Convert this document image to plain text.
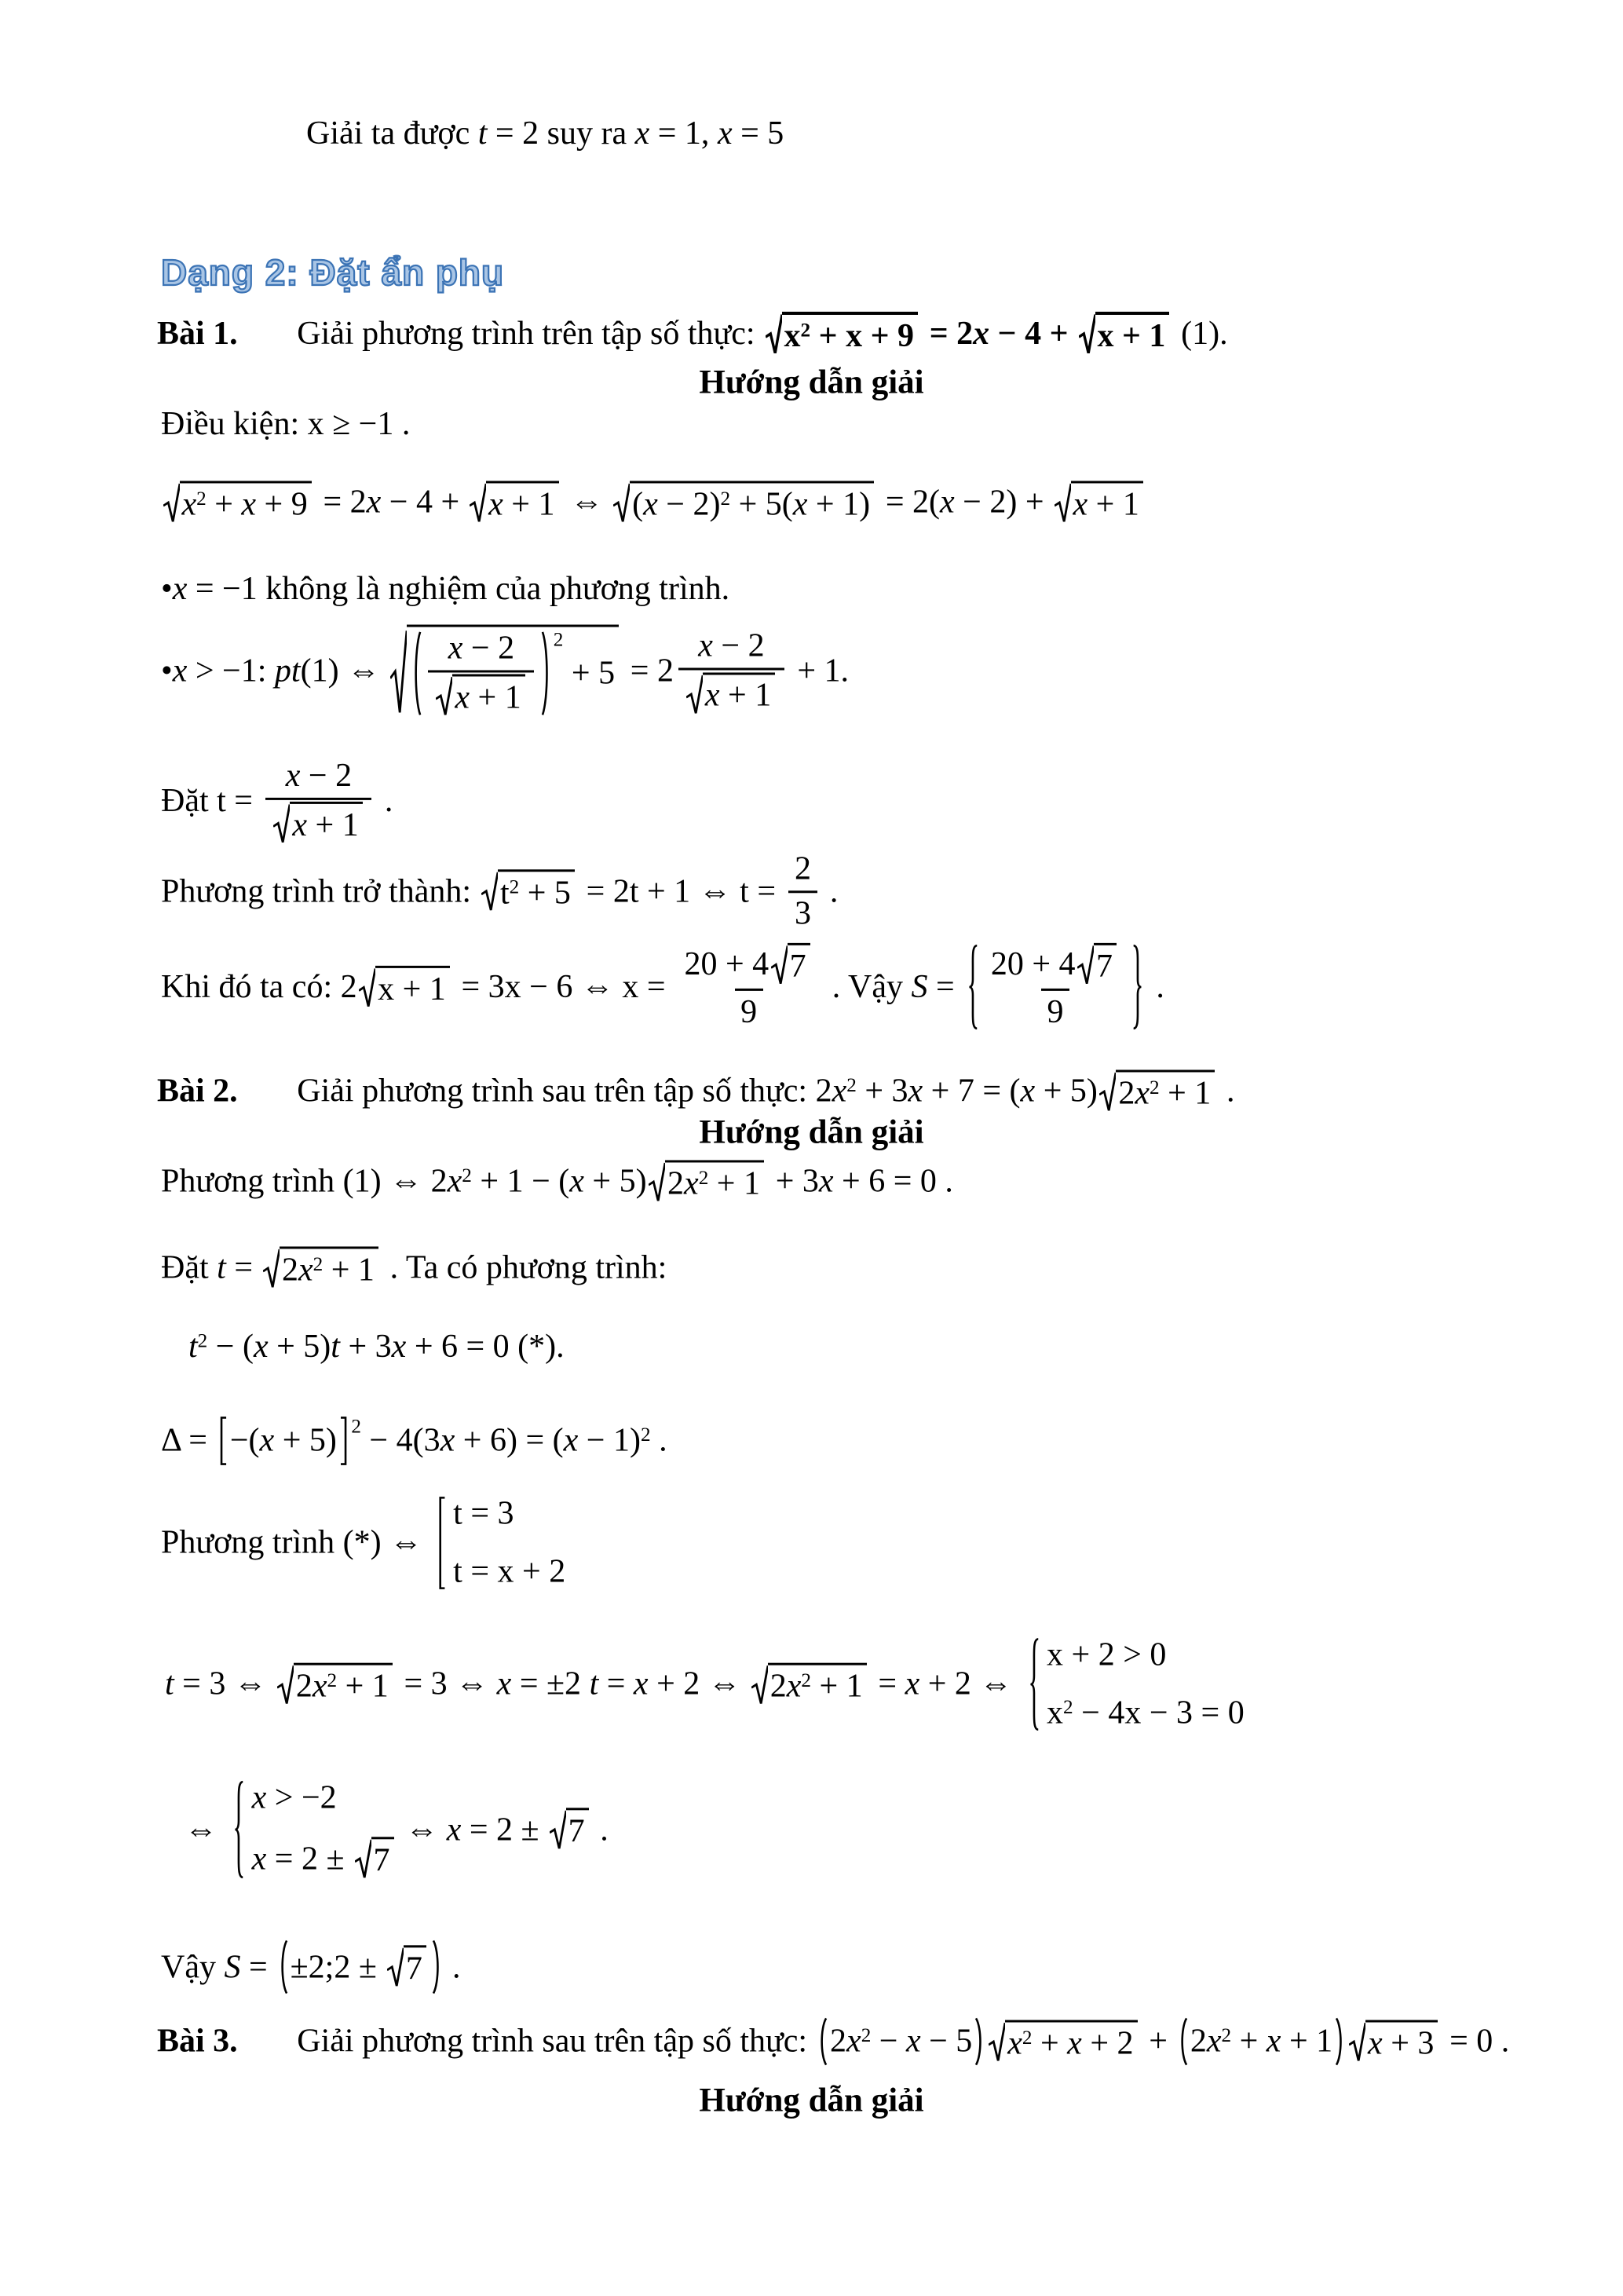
Dạng 2: Đặt ẩn phụ
Hướng dẫn giải
Hướng dẫn giải
Hướng dẫn giải
Giải ta được t = 2 suy ra x = 1, x = 5
Bài 1. Giải phương trình trên tập số thực: $x^2 + x + 9 = 2x - 4 + x + 1$ (1).
Điều kiện: x ≥ −1 .
$x^2 + x + 9 = 2x - 4 + x + 1$ ⇔ $(x - 2)^2 + 5(x + 1) = 2(x - 2) + x + 1$
•x = −1 không là nghiệm của phương trình.
•x > −1: pt(1) ⇔ $\frac{x - 2}{x + 1} 2$
+ $5 = 2 \frac{x - 2}{x + 1} + 1$.
Đặt $t = \frac{x - 2}{x + 1}$ .
Phương trình trở thành: $t^2 + 5 = 2t + 1$ ⇔ $t = \frac{2}{3}$ .
Khi đó ta có: 2 x + 1 = 3x − 6 ⇔ $x = \frac{20 + 4 7}{9}$ . Vậy $S = \frac{20 + 4 7}{9}$ .
Bài 2. Giải phương trình sau trên tập số thực: $2x^2 + 3x + 7 = (x + 5) 2x^2 + 1$ .
Phương trình (1) ⇔ $2x^2 + 1 - (x + 5) 2x^2 + 1 + 3x + 6 = 0$ .
Đặt $t = 2x^2 + 1$ . Ta có phương trình:
$t^2 - (x + 5)t + 3x + 6 = 0$ (*).
Δ = −(x + 5) $2 - 4(3x + 6) = (x - 1)^2$ .
Phương trình (*) ⇔
t = 3
t = x + 2
t = 3 ⇔ $2x^2 + 1 = 3$ ⇔ x = ±2 t = x + 2 ⇔ $2x^2 + 1 = x + 2$ ⇔
x + 2 > 0
$x^2 - 4x - 3 = 0$
⇔
x > −2
x = 2 ± 7
⇔ x = 2 ± 7 .
Vậy S = ±2;2 ± 7 .
Bài 3. Giải phương trình sau trên tập số thực: $2x^2 - x - 5$ $x^2 + x + 2 + 2x^2 + x + 1$ x + 3 = 0 .
